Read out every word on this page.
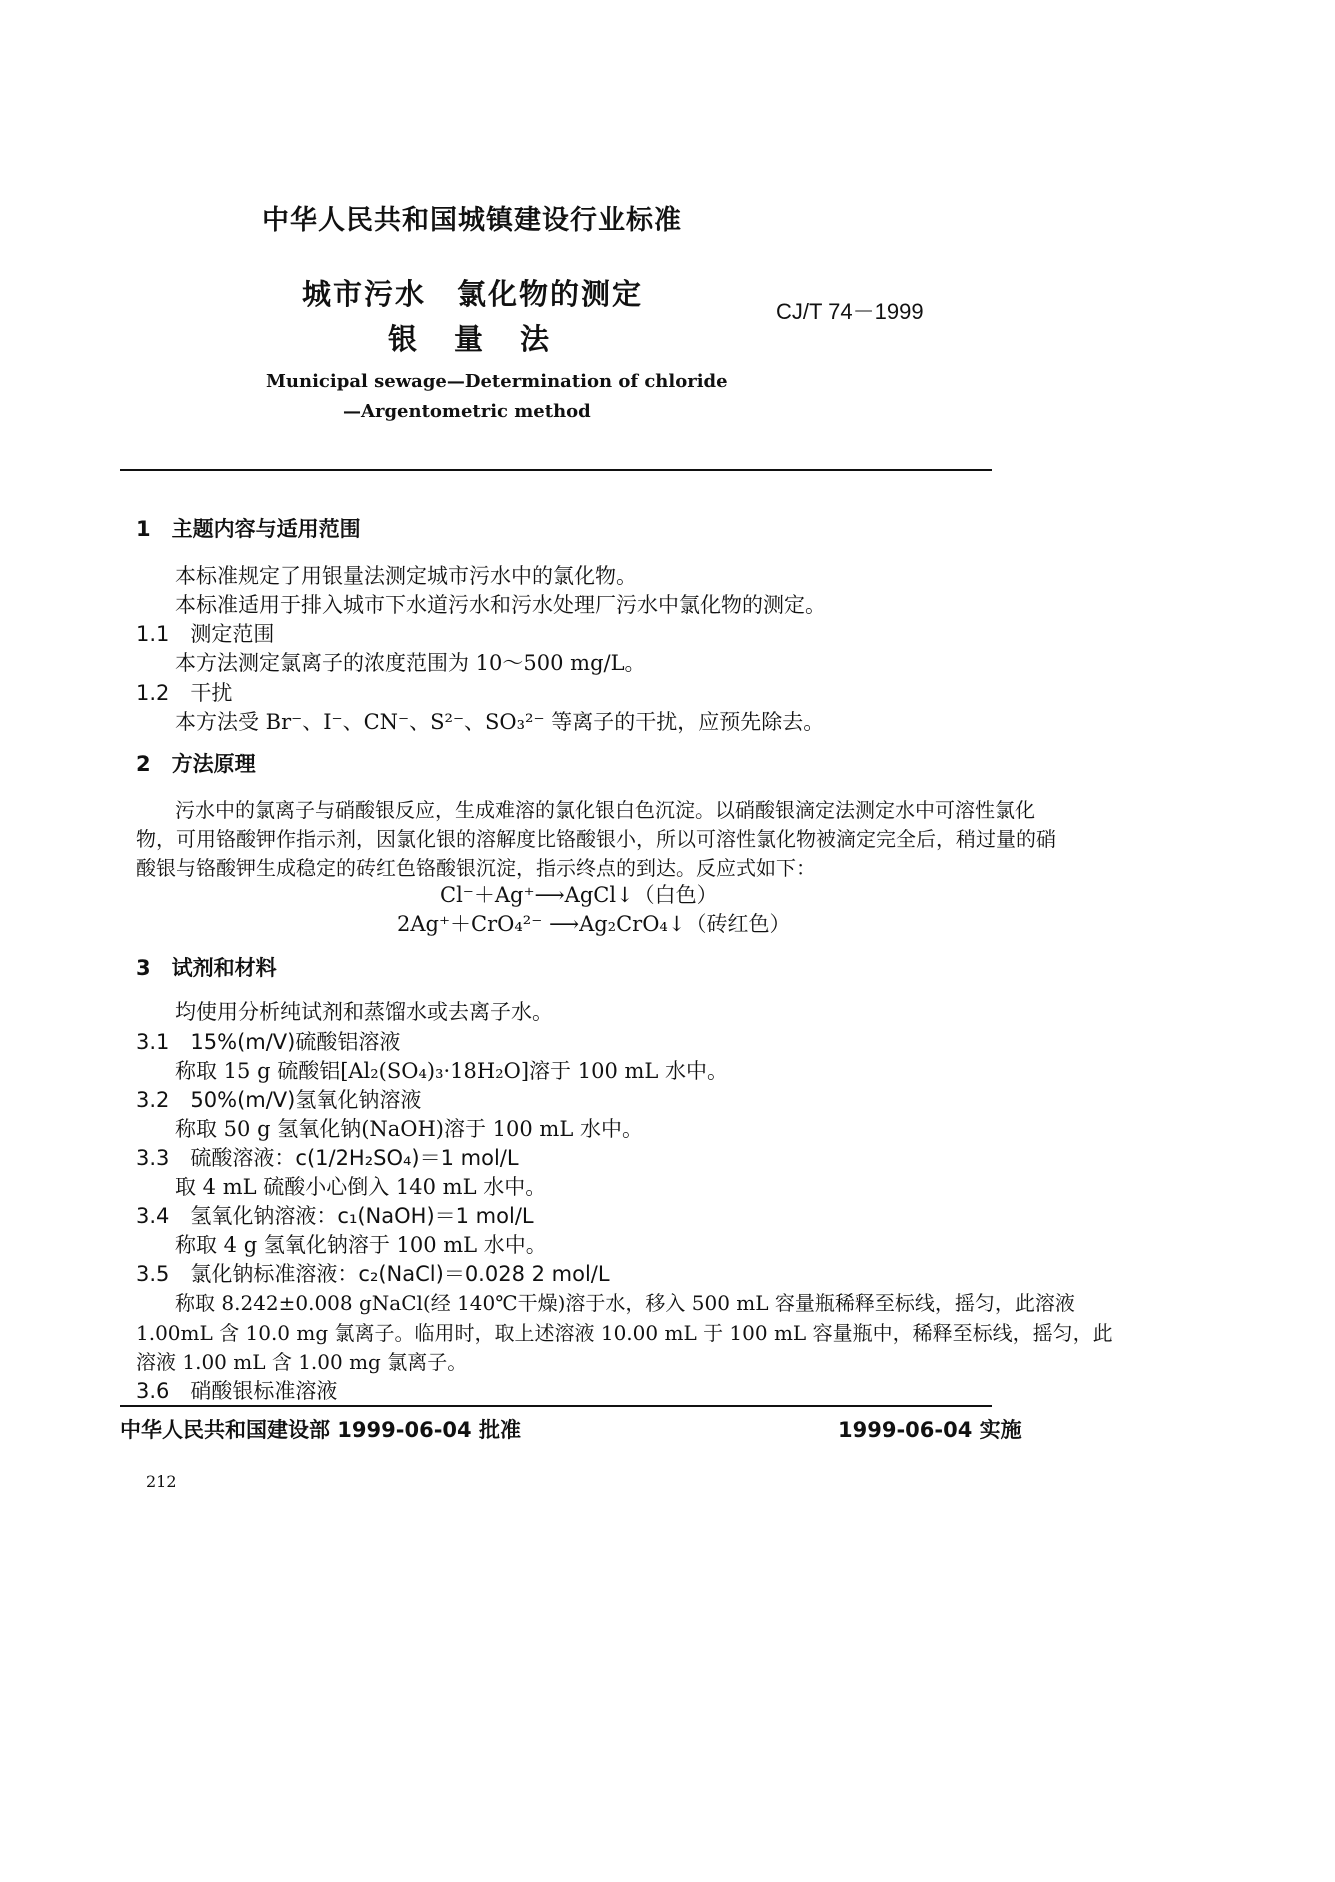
中华人民共和国城镇建设行业标准
城市污水　氯化物的测定
银　量　法
CJ/T 74－1999
Municipal sewage—Determination of chloride
—Argentometric method
1　主题内容与适用范围
本标准规定了用银量法测定城市污水中的氯化物。
本标准适用于排入城市下水道污水和污水处理厂污水中氯化物的测定。
1.1　测定范围
本方法测定氯离子的浓度范围为 10～500 mg/L。
1.2　干扰
本方法受 Br⁻、I⁻、CN⁻、S²⁻、SO₃²⁻ 等离子的干扰，应预先除去。
2　方法原理
污水中的氯离子与硝酸银反应，生成难溶的氯化银白色沉淀。以硝酸银滴定法测定水中可溶性氯化
物，可用铬酸钾作指示剂，因氯化银的溶解度比铬酸银小，所以可溶性氯化物被滴定完全后，稍过量的硝
酸银与铬酸钾生成稳定的砖红色铬酸银沉淀，指示终点的到达。反应式如下：
Cl⁻＋Ag⁺⟶AgCl↓（白色）
2Ag⁺＋CrO₄²⁻ ⟶Ag₂CrO₄↓（砖红色）
3　试剂和材料
均使用分析纯试剂和蒸馏水或去离子水。
3.1　15%(m/V)硫酸铝溶液
称取 15 g 硫酸铝[Al₂(SO₄)₃·18H₂O]溶于 100 mL 水中。
3.2　50%(m/V)氢氧化钠溶液
称取 50 g 氢氧化钠(NaOH)溶于 100 mL 水中。
3.3　硫酸溶液：c(1/2H₂SO₄)＝1 mol/L
取 4 mL 硫酸小心倒入 140 mL 水中。
3.4　氢氧化钠溶液：c₁(NaOH)＝1 mol/L
称取 4 g 氢氧化钠溶于 100 mL 水中。
3.5　氯化钠标准溶液：c₂(NaCl)＝0.028 2 mol/L
称取 8.242±0.008 gNaCl(经 140℃干燥)溶于水，移入 500 mL 容量瓶稀释至标线，摇匀，此溶液
1.00mL 含 10.0 mg 氯离子。临用时，取上述溶液 10.00 mL 于 100 mL 容量瓶中，稀释至标线，摇匀，此
溶液 1.00 mL 含 1.00 mg 氯离子。
3.6　硝酸银标准溶液
中华人民共和国建设部 1999-06-04 批准	1999-06-04 实施
212
